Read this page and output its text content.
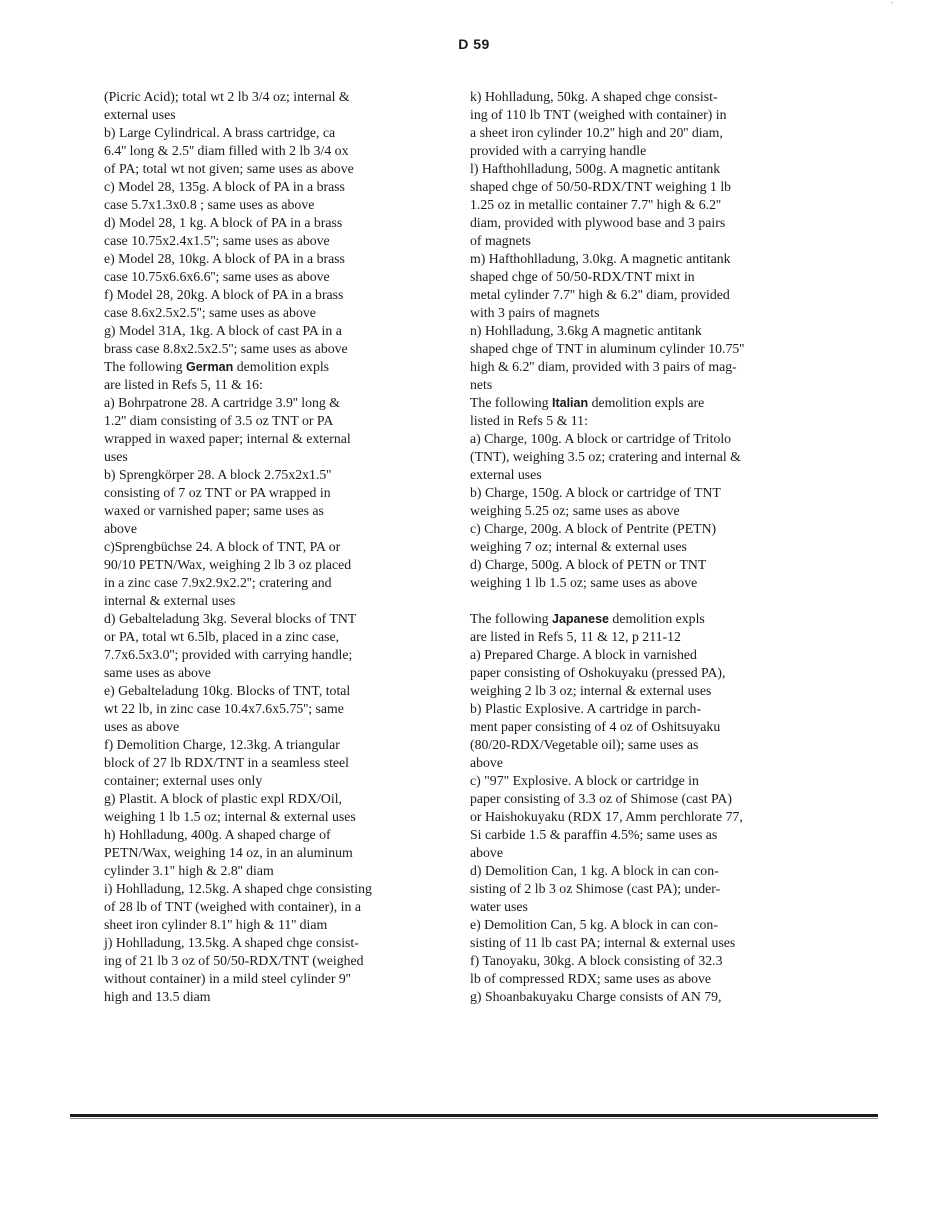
`
D 59
(Picric Acid); total wt 2 lb 3/4 oz; internal &
external uses
b) Large Cylindrical. A brass cartridge, ca
6.4'' long & 2.5'' diam filled with 2 lb 3/4 ox
of PA; total wt not given; same uses as above
c) Model 28, 135g. A block of PA in a brass
case 5.7x1.3x0.8 ; same uses as above
d) Model 28, 1 kg. A block of PA in a brass
case 10.75x2.4x1.5''; same uses as above
e) Model 28, 10kg. A block of PA in a brass
case 10.75x6.6x6.6''; same uses as above
f) Model 28, 20kg. A block of PA in a brass
case 8.6x2.5x2.5''; same uses as above
g) Model 31A, 1kg. A block of cast PA in a
brass case 8.8x2.5x2.5''; same uses as above
The following German demolition expls
are listed in Refs 5, 11 & 16:
a) Bohrpatrone 28. A cartridge 3.9'' long &
1.2'' diam consisting of 3.5 oz TNT or PA
wrapped in waxed paper; internal & external
uses
b) Sprengkörper 28. A block 2.75x2x1.5''
consisting of 7 oz TNT or PA wrapped in
waxed or varnished paper; same uses as
above
c)Sprengbüchse 24. A block of TNT, PA or
90/10 PETN/Wax, weighing 2 lb 3 oz placed
in a zinc case 7.9x2.9x2.2''; cratering and
internal & external uses
d) Gebalteladung 3kg. Several blocks of TNT
or PA, total wt 6.5lb, placed in a zinc case,
7.7x6.5x3.0''; provided with carrying handle;
same uses as above
e) Gebalteladung 10kg. Blocks of TNT, total
wt 22 lb, in zinc case 10.4x7.6x5.75''; same
uses as above
f) Demolition Charge, 12.3kg. A triangular
block of 27 lb RDX/TNT in a seamless steel
container; external uses only
g) Plastit. A block of plastic expl RDX/Oil,
weighing 1 lb 1.5 oz; internal & external uses
h) Hohlladung, 400g. A shaped charge of
PETN/Wax, weighing 14 oz, in an aluminum
cylinder 3.1'' high & 2.8'' diam
i) Hohlladung, 12.5kg. A shaped chge consisting
of 28 lb of TNT (weighed with container), in a
sheet iron cylinder 8.1'' high & 11'' diam
j) Hohlladung, 13.5kg. A shaped chge consist-
ing of 21 lb 3 oz of 50/50-RDX/TNT (weighed
without container) in a mild steel cylinder 9''
high and 13.5 diam
k) Hohlladung, 50kg. A shaped chge consist-
ing of 110 lb TNT (weighed with container) in
a sheet iron cylinder 10.2'' high and 20'' diam,
provided with a carrying handle
l) Hafthohlladung, 500g. A magnetic antitank
shaped chge of 50/50-RDX/TNT weighing 1 lb
1.25 oz in metallic container 7.7'' high & 6.2''
diam, provided with plywood base and 3 pairs
of magnets
m) Hafthohlladung, 3.0kg. A magnetic antitank
shaped chge of 50/50-RDX/TNT mixt in
metal cylinder 7.7'' high & 6.2'' diam, provided
with 3 pairs of magnets
n) Hohlladung, 3.6kg A magnetic antitank
shaped chge of TNT in aluminum cylinder 10.75''
high & 6.2'' diam, provided with 3 pairs of mag-
nets
The following Italian demolition expls are
listed in Refs 5 & 11:
a) Charge, 100g. A block or cartridge of Tritolo
(TNT), weighing 3.5 oz; cratering and internal &
external uses
b) Charge, 150g. A block or cartridge of TNT
weighing 5.25 oz; same uses as above
c) Charge, 200g. A block of Pentrite (PETN)
weighing 7 oz; internal & external uses
d) Charge, 500g. A block of PETN or TNT
weighing 1 lb 1.5 oz; same uses as above
The following Japanese demolition expls
are listed in Refs 5, 11 & 12, p 211-12
a) Prepared Charge. A block in varnished
paper consisting of Oshokuyaku (pressed PA),
weighing 2 lb 3 oz; internal & external uses
b) Plastic Explosive. A cartridge in parch-
ment paper consisting of 4 oz of Oshitsuyaku
(80/20-RDX/Vegetable oil); same uses as
above
c) "97" Explosive. A block or cartridge in
paper consisting of 3.3 oz of Shimose (cast PA)
or Haishokuyaku (RDX 17, Amm perchlorate 77,
Si carbide 1.5 & paraffin 4.5%; same uses as
above
d) Demolition Can, 1 kg. A block in can con-
sisting of 2 lb 3 oz Shimose (cast PA); under-
water uses
e) Demolition Can, 5 kg. A block in can con-
sisting of 11 lb cast PA; internal & external uses
f) Tanoyaku, 30kg. A block consisting of 32.3
lb of compressed RDX; same uses as above
g) Shoanbakuyaku Charge consists of AN 79,
